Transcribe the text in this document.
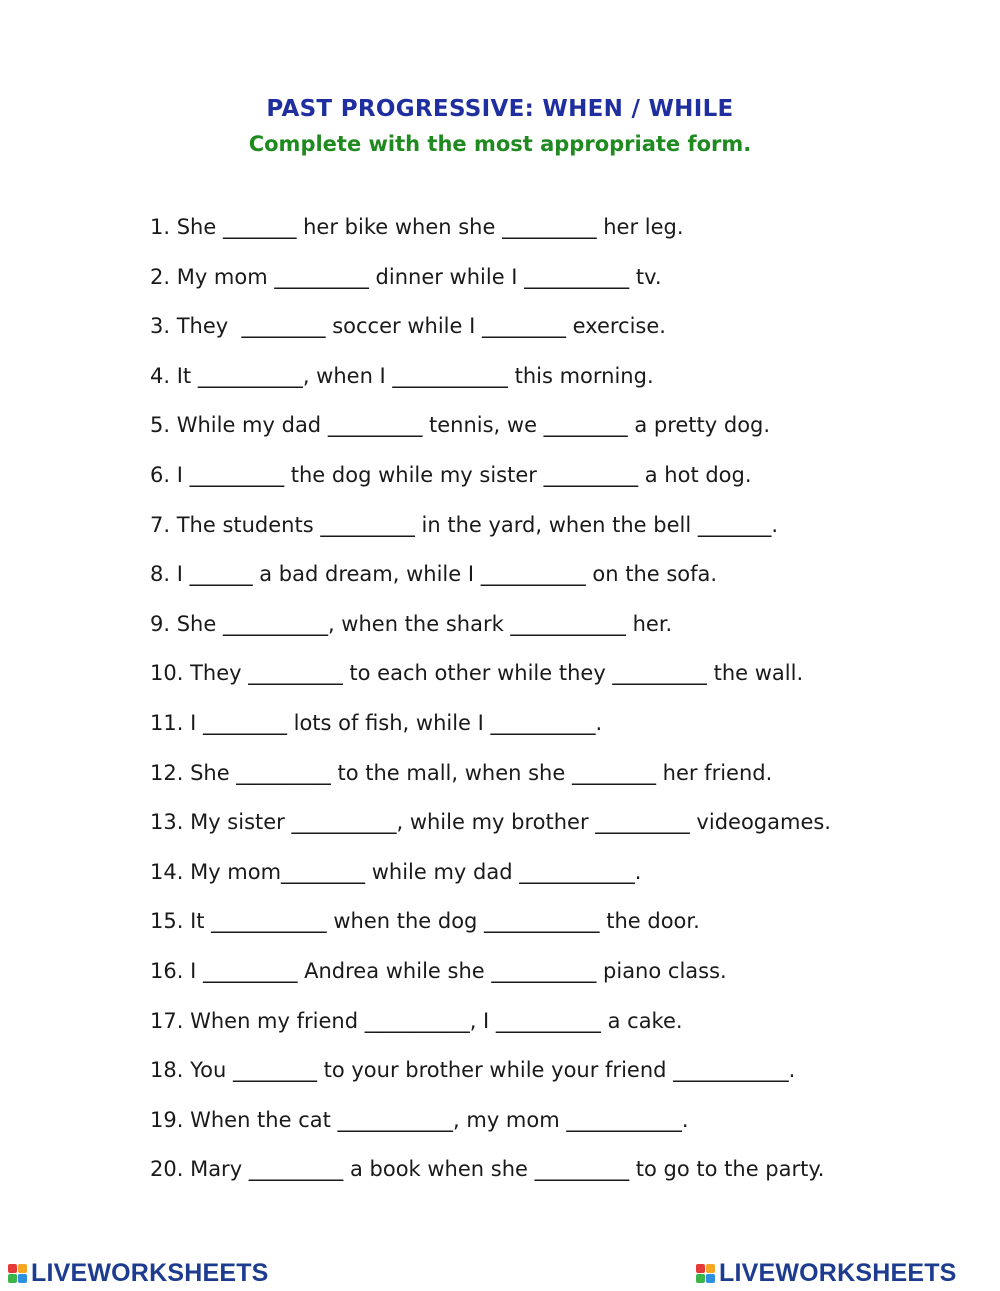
PAST PROGRESSIVE: WHEN / WHILE
Complete with the most appropriate form.
1. She _______ her bike when she _________ her leg.
2. My mom _________ dinner while I __________ tv.
3. They  ________ soccer while I ________ exercise.
4. It __________, when I ___________ this morning.
5. While my dad _________ tennis, we ________ a pretty dog.
6. I _________ the dog while my sister _________ a hot dog.
7. The students _________ in the yard, when the bell _______.
8. I ______ a bad dream, while I __________ on the sofa.
9. She __________, when the shark ___________ her.
10. They _________ to each other while they _________ the wall.
11. I ________ lots of fish, while I __________.
12. She _________ to the mall, when she ________ her friend.
13. My sister __________, while my brother _________ videogames.
14. My mom________ while my dad ___________.
15. It ___________ when the dog ___________ the door.
16. I _________ Andrea while she __________ piano class.
17. When my friend __________, I __________ a cake.
18. You ________ to your brother while your friend ___________.
19. When the cat ___________, my mom ___________.
20. Mary _________ a book when she _________ to go to the party.
LIVEWORKSHEETS	LIVEWORKSHEETS
